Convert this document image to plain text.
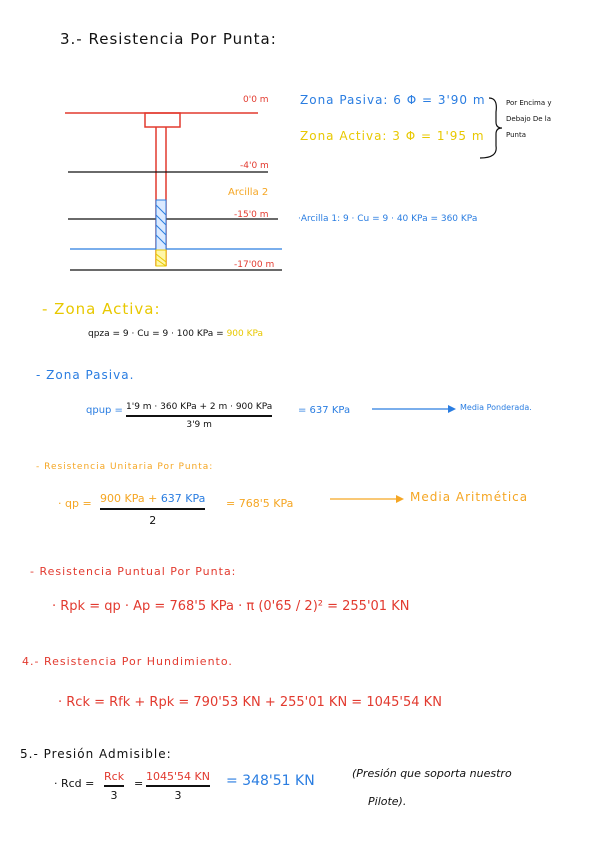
3.- Resistencia Por Punta:
0'0 m
-4'0 m
Arcilla 2
-15'0 m
-17'00 m
Zona Pasiva: 6 Φ = 3'90 m
Zona Activa: 3 Φ = 1'95 m
Por Encima y
Debajo De la
Punta
·Arcilla 1: 9 · Cu = 9 · 40 KPa = 360 KPa
- Zona Activa:
qpza = 9 · Cu = 9 · 100 KPa = 900 KPa
- Zona Pasiva.
qpup = 1'9 m · 360 KPa + 2 m · 900 KPa
3'9 m
= 637 KPa	Media Ponderada.
- Resistencia Unitaria Por Punta:
· qp = 900 KPa + 637 KPa
2
= 768'5 KPa	Media Aritmética
- Resistencia Puntual Por Punta:
· Rpk = qp · Ap = 768'5 KPa · π (0'65 / 2)² = 255'01 KN
4.- Resistencia Por Hundimiento.
· Rck = Rfk + Rpk = 790'53 KN + 255'01 KN = 1045'54 KN
5.- Presión Admisible:
· Rcd =
Rck
3
=
1045'54 KN
3
= 348'51 KN	(Presión que soporta nuestro
Pilote).
